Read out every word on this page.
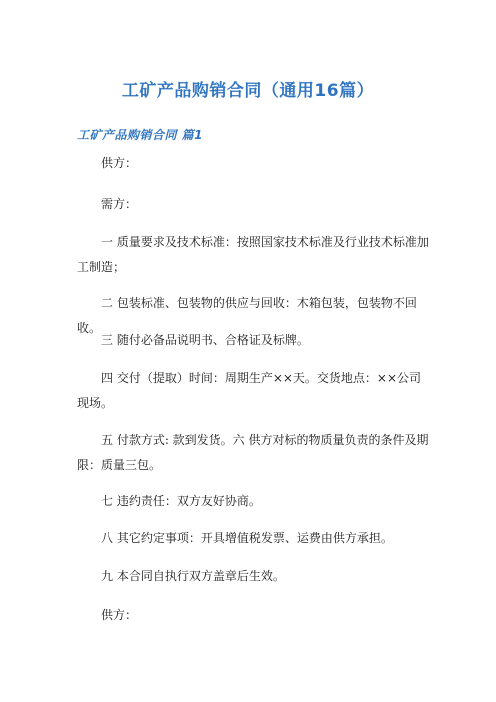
工矿产品购销合同（通用16篇）
工矿产品购销合同 篇1
供方：
需方：
一 质量要求及技术标准：按照国家技术标准及行业技术标准加工制造；
二 包装标准、包装物的供应与回收：木箱包装，包装物不回收。
三 随付必备品说明书、合格证及标牌。
四 交付（提取）时间：周期生产××天。交货地点：××公司现场。
五 付款方式: 款到发货。六 供方对标的物质量负责的条件及期限：质量三包。
七 违约责任：双方友好协商。
八 其它约定事项：开具增值税发票、运费由供方承担。
九 本合同自执行双方盖章后生效。
供方：
